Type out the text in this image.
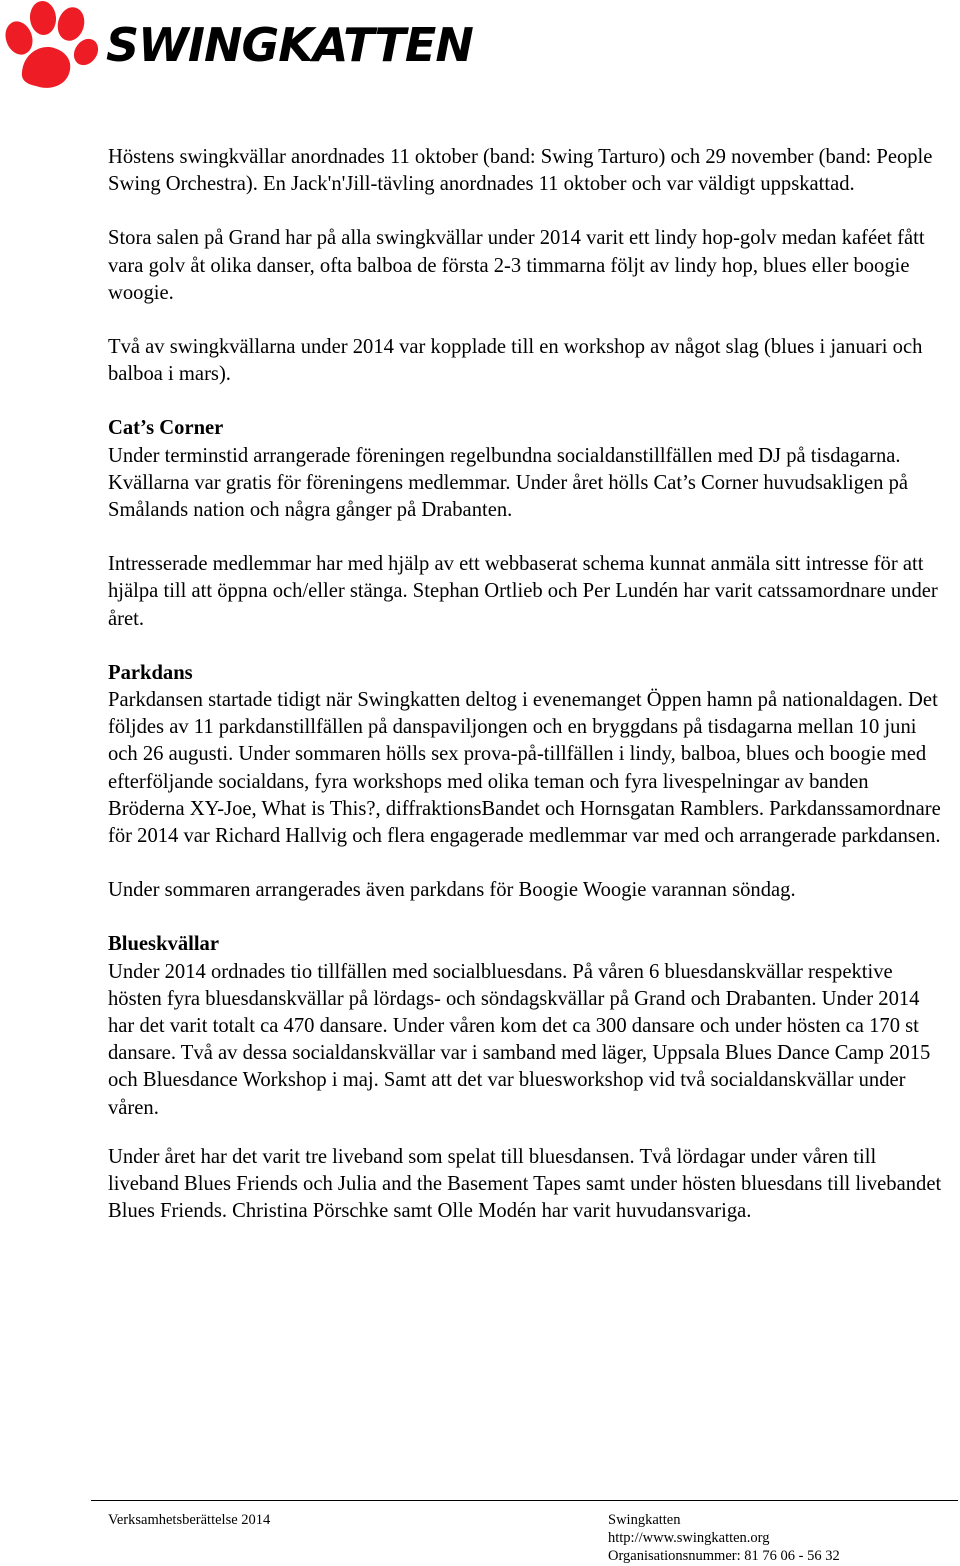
SWINGKATTEN

Höstens swingkvällar anordnades 11 oktober (band: Swing Tarturo) och 29 november (band: People Swing Orchestra). En Jack'n'Jill-tävling anordnades 11 oktober och var väldigt uppskattad.

Stora salen på Grand har på alla swingkvällar under 2014 varit ett lindy hop-golv medan kaféet fått vara golv åt olika danser, ofta balboa de första 2-3 timmarna följt av lindy hop, blues eller boogie woogie.

Två av swingkvällarna under 2014 var kopplade till en workshop av något slag (blues i januari och balboa i mars).

Cat’s Corner
Under terminstid arrangerade föreningen regelbundna socialdanstillfällen med DJ på tisdagarna. Kvällarna var gratis för föreningens medlemmar. Under året hölls Cat’s Corner huvudsakligen på Smålands nation och några gånger på Drabanten.

Intresserade medlemmar har med hjälp av ett webbaserat schema kunnat anmäla sitt intresse för att hjälpa till att öppna och/eller stänga. Stephan Ortlieb och Per Lundén har varit catssamordnare under året.

Parkdans
Parkdansen startade tidigt när Swingkatten deltog i evenemanget Öppen hamn på nationaldagen. Det följdes av 11 parkdanstillfällen på danspaviljongen och en bryggdans på tisdagarna mellan 10 juni och 26 augusti. Under sommaren hölls sex prova-på-tillfällen i lindy, balboa, blues och boogie med efterföljande socialdans, fyra workshops med olika teman och fyra livespelningar av banden Bröderna XY-Joe, What is This?, diffraktionsBandet och Hornsgatan Ramblers. Parkdanssamordnare för 2014 var Richard Hallvig och flera engagerade medlemmar var med och arrangerade parkdansen.

Under sommaren arrangerades även parkdans för Boogie Woogie varannan söndag.

Blueskvällar
Under 2014 ordnades tio tillfällen med socialbluesdans. På våren 6 bluesdanskvällar respektive hösten fyra bluesdanskvällar på lördags- och söndagskvällar på Grand och Drabanten. Under 2014 har det varit totalt ca 470 dansare. Under våren kom det ca 300 dansare och under hösten ca 170 st dansare. Två av dessa socialdanskvällar var i samband med läger, Uppsala Blues Dance Camp 2015 och Bluesdance Workshop i maj. Samt att det var bluesworkshop vid två socialdanskvällar under våren.

Under året har det varit tre liveband som spelat till bluesdansen. Två lördagar under våren till liveband Blues Friends och Julia and the Basement Tapes samt under hösten bluesdans till livebandet Blues Friends. Christina Pörschke samt Olle Modén har varit huvudansvariga.

Verksamhetsberättelse 2014	Swingkatten
http://www.swingkatten.org
Organisationsnummer: 81 76 06 - 56 32
